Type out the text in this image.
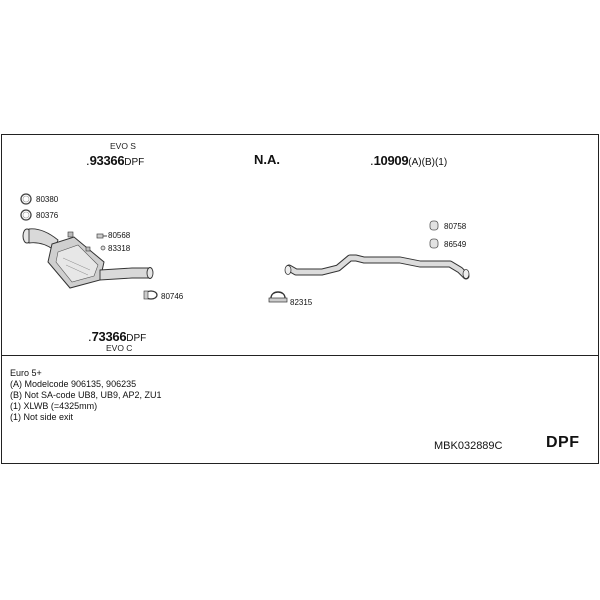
EVO S
.93366DPF	N.A.	.10909(A)(B)(1)
80380
80376
80568
83318
80746
82315
80758
86549
.73366DPF
EVO C
Euro 5+
(A) Modelcode 906135, 906235
(B) Not SA-code UB8, UB9, AP2, ZU1
(1) XLWB (=4325mm)
(1) Not side exit
MBK032889C	DPF
